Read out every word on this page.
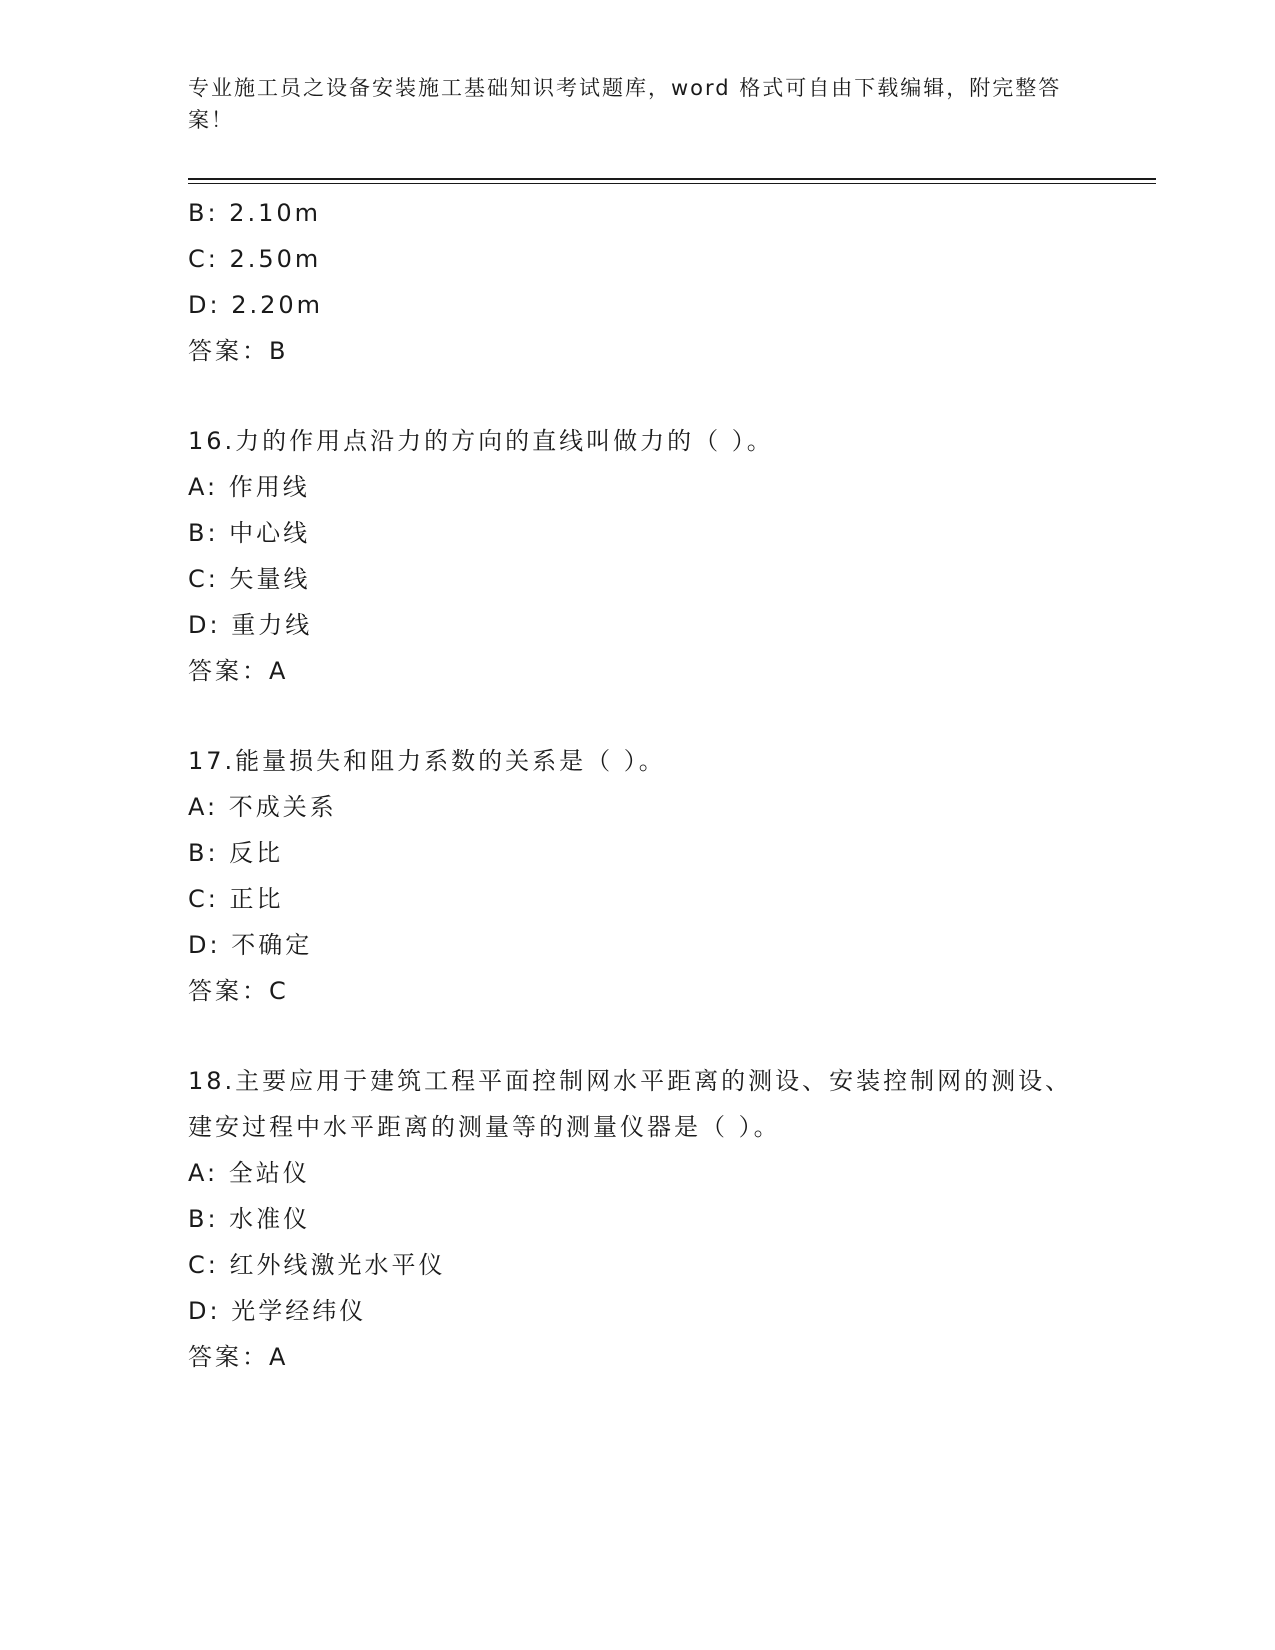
专业施工员之设备安装施工基础知识考试题库，word 格式可自由下载编辑，附完整答案！
B: 2.10m
C: 2.50m
D: 2.20m
答案：B
16.力的作用点沿力的方向的直线叫做力的（ ）。
A: 作用线
B: 中心线
C: 矢量线
D: 重力线
答案：A
17.能量损失和阻力系数的关系是（ ）。
A: 不成关系
B: 反比
C: 正比
D: 不确定
答案：C
18.主要应用于建筑工程平面控制网水平距离的测设、安装控制网的测设、建安过程中水平距离的测量等的测量仪器是（ ）。
A: 全站仪
B: 水准仪
C: 红外线激光水平仪
D: 光学经纬仪
答案：A
